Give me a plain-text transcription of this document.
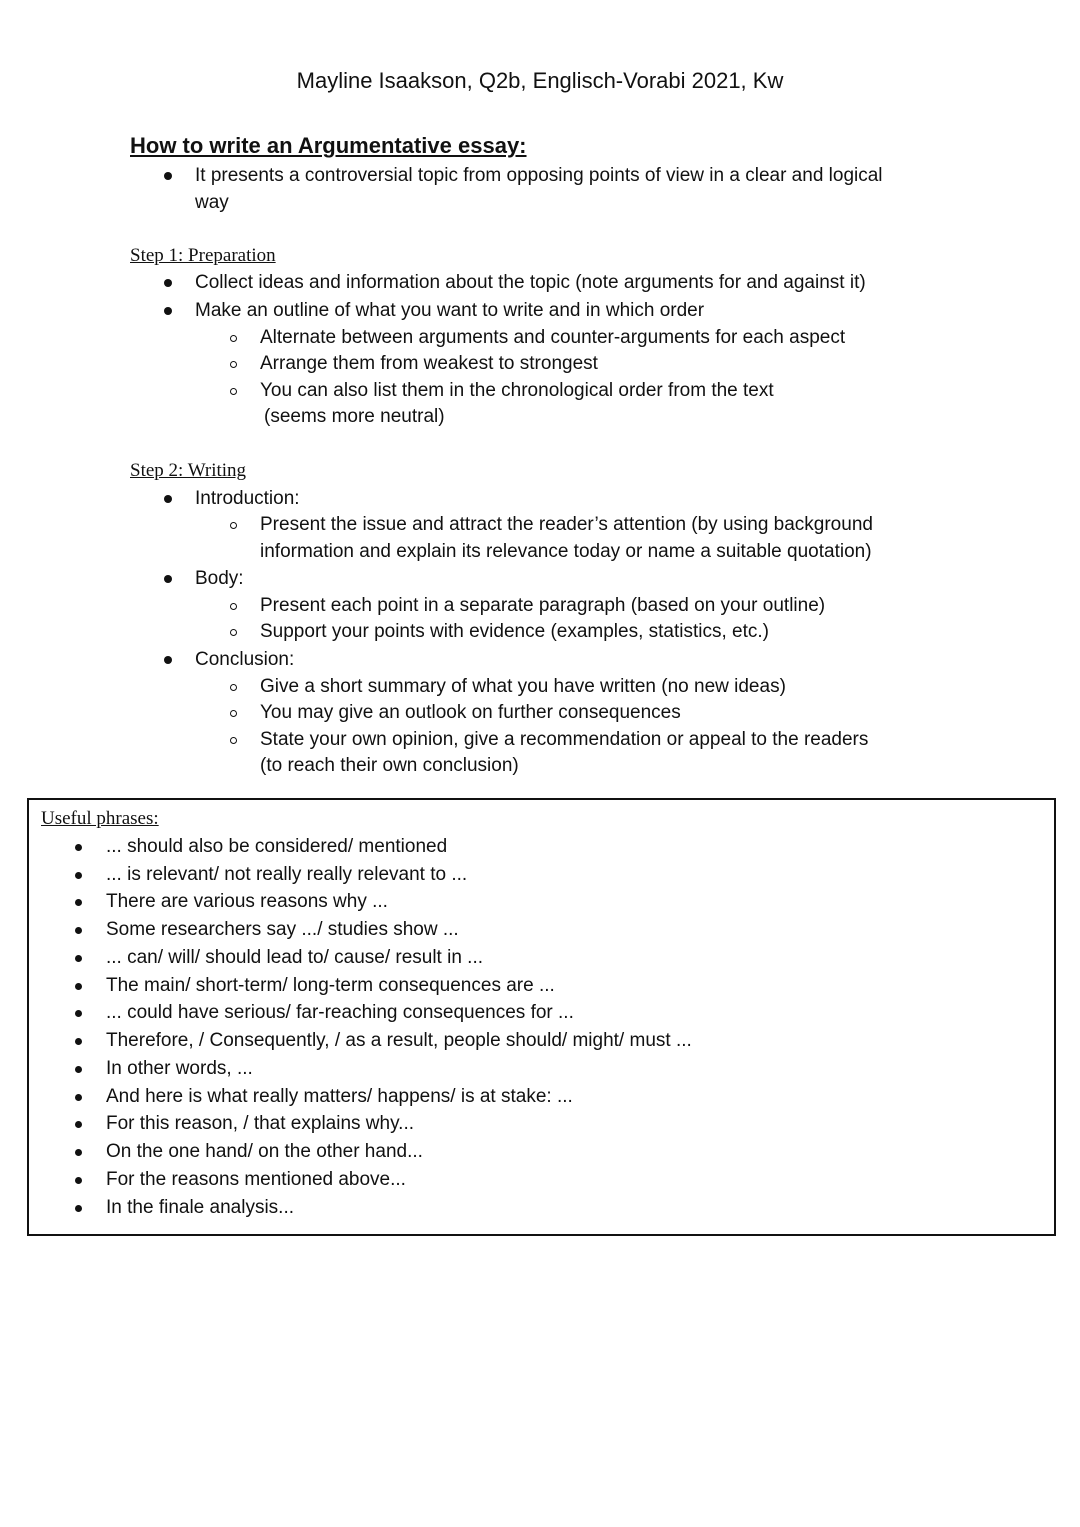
Mayline Isaakson, Q2b, Englisch-Vorabi 2021, Kw
How to write an Argumentative essay:
It presents a controversial topic from opposing points of view in a clear and logical
way
Step 1: Preparation
Collect ideas and information about the topic (note arguments for and against it)
Make an outline of what you want to write and in which order
Alternate between arguments and counter-arguments for each aspect
Arrange them from weakest to strongest
You can also list them in the chronological order from the text
(seems more neutral)
Step 2: Writing
Introduction:
Present the issue and attract the reader’s attention (by using background
information and explain its relevance today or name a suitable quotation)
Body:
Present each point in a separate paragraph (based on your outline)
Support your points with evidence (examples, statistics, etc.)
Conclusion:
Give a short summary of what you have written (no new ideas)
You may give an outlook on further consequences
State your own opinion, give a recommendation or appeal to the readers
(to reach their own conclusion)
Useful phrases:
... should also be considered/ mentioned
... is relevant/ not really really relevant to ...
There are various reasons why ...
Some researchers say .../ studies show ...
... can/ will/ should lead to/ cause/ result in ...
The main/ short-term/ long-term consequences are ...
... could have serious/ far-reaching consequences for ...
Therefore, / Consequently, / as a result, people should/ might/ must ...
In other words, ...
And here is what really matters/ happens/ is at stake: ...
For this reason, / that explains why...
On the one hand/ on the other hand...
For the reasons mentioned above...
In the finale analysis...
